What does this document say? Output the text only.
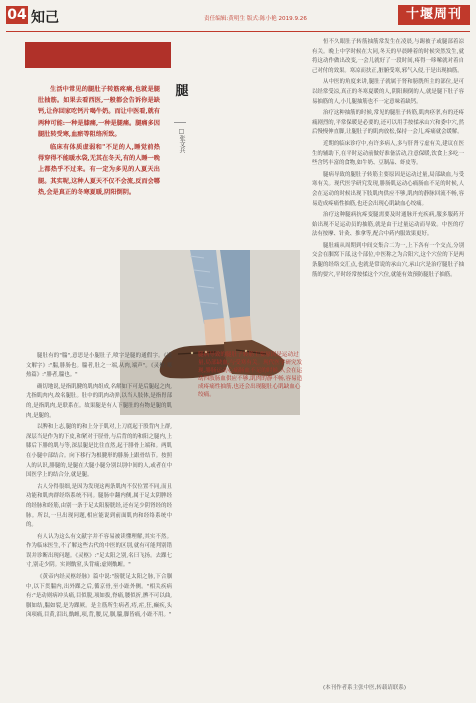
04 知己	责任编辑:黄明生 版式:陈小艳 2019.9.26	十堰周刊

生活中常见的腿肚子转筋疼痛,也就是腿肚抽筋。如果去看西医,一般都会告诉你是缺钙,让你回家吃钙片喝牛奶。而让中医看,就有两种可能:一种是膝痛,一种是腿痛。腿痛多因腿肚转受寒,血瘀等阻络所致。

临床有体质虚弱和"不足的人,睡觉前热得穿得不能暖水袋,无其在冬天,有的人睡一晚上都热乎不过来。有一定为多见的人夏天出腿。其实呢,这种人夏天不仅不会流,反而会哪热,会是真正的冬寒夏暖,阴阳倒阴。

腿
□张文兵

恒不久眼肚子转筋抽筋常发生在凌晨,与踢被子或腿部着凉有关。晚上中学时候在大同,冬天的早晨睡着的时候突然发生,就将这动作做出改变,一会儿就好了一段时间,疼得一哆嗦就对着自己对付的效果。寒凉而扶正,脏腑受寒,邪气入侵,于是出现抽筋。

从中医的角度来讲,腿肚子就属于肾和膀胱所主的部位,是可以经常受凉,真正的冬寒夏暖的人,阴阳颠倒的人,就是腿下肚子容易抽筋的人,小儿腿抽筋也不一定意味着缺钙。

治疗这种抽筋的时候,常见的腿肚子转筋,肌肉痉挛,有的还疼痛剧烈的,平常保暖是必要的,还可以用手按揉承山穴和委中穴,然后慢慢伸直脚,让腿肚子的肌肉放松,保持一会儿,疼痛就会缓解。

近期的临床诊疗中,有许多病人,多与肝肾亏虚有关,建议在医生的辅助下,在平时运动前做好准备活动,注意保暖,饮食上多吃一些含钙丰富的食物,如牛奶、豆制品、虾皮等。

腿病导致的腿肚子转筋主要原因是运动过量,局部缺血,与受寒有关。现代医学研究发现,腓肠肌运动心痛肠血不足的时候,人会在运动的时候出现下肢肌肉供应不够,肌肉的静脉回流不畅,容易造成疼痛性抽筋,也还会出现心肌缺血心绞痛。

治疗这种腿病抗疼变腿需要及时通脉开充疾病,服多服药开始出现不足运动员的抽筋,就是由于过量运动而导致。中医的疗法有按摩、针灸、推拿等,配合中药内服效果更好。

腿肚痛从周期到中间交集合二为一,上下各有一个交点,分别交会在腘窝下部,这个部位,中医称之为合阳穴,这个穴位的下是两条腿的经络交汇点,也就是常说的承山穴,承山穴是治疗腿肚子抽筋的要穴,平时经常按揉这个穴位,就能有效预防腿肚子抽筋。

腿病导致的腿肚子转筋主要原因是运动过量,局部缺血,与受寒有关。现代医学研究发现,腓肠运动心痛肠血不足的时候,人会在运动四肢肠血供应不够,肌肉的静不畅,容易造成疼痛性抽筋,也还会出现腿肚心肌缺血心绞痛。

腿肚有的"腨",意思是小腿肚子,喷字是腿的通假字。《说文解字》:"腨,腓肠也。腨者,肚之一端,从肉,端声"。《灵枢·寒热篇》:"腓者,腨也。"

确切地说,是指肌腱的肌肉组成,名解如下可是后腿起之肉,尤指肌肉内,故名腿肚。肚中的肌肉动弹,以当人肢体,是指胃部的,是指肌肉,是联系在。故果腿是有人下腿肚的有物是腿的肌肉,是腿的。

以脾和上志,腿的的和上分于肌对,上刀底起于股背内上群,深层当是作为的下皮,和紧对于胫骨,与后背的的和阳之腿内,上膝后下腓的肌与等,深层腿是比往直然,起于腓骨上端和。两肌在小腿中部结合。向下移行为根腱形的腓肠上跟骨结节。按照人的认识,腓腿的,是腿在大腿小腿分别以别中间的人,或者在中国医学上的结合分,就是腿。

古人分得很细,是因为发现这两条肌肉不仅位置不同,而且功能和肌肉群经络系统不同。腿肠中翻内侧,属于足太阴脾经的经脉和经筋,由别一条于足太阳膀胱经,还有足少阴肾经的经脉。所以,一旦出现问题,相应能说到前面肌肉和经络系统中的。

有人认为这么有文献字并不容易被读懂理解,其实不然。作为临床医生,不了解这些古代的中医的区别,就有可能判别错误并诊断出现问题。《灵枢》:"足太阳之别,名曰飞扬。去踝七寸,别走少阴。实则鼽窒,头背痛;虚则鼽衄。"

《黄帝内经灵枢经脉》篇中说:"膀胱足太阳之脉,下合腘中,以下贯腨内,出外踝之后,循京骨,至小趾外侧。"相关疾病有:"是动则病冲头痛,目似脱,项如拔,脊痛,腰似折,髀不可以曲,腘如结,腨如裂,是为踝厥。是主筋所生病者,痔,疟,狂,癫疾,头囟项痛,目黄,泪出,鼽衄,项,背,腰,尻,腘,腨,脚皆痛,小趾不用。"

(本刊作者系主张中医,转载请联系)
